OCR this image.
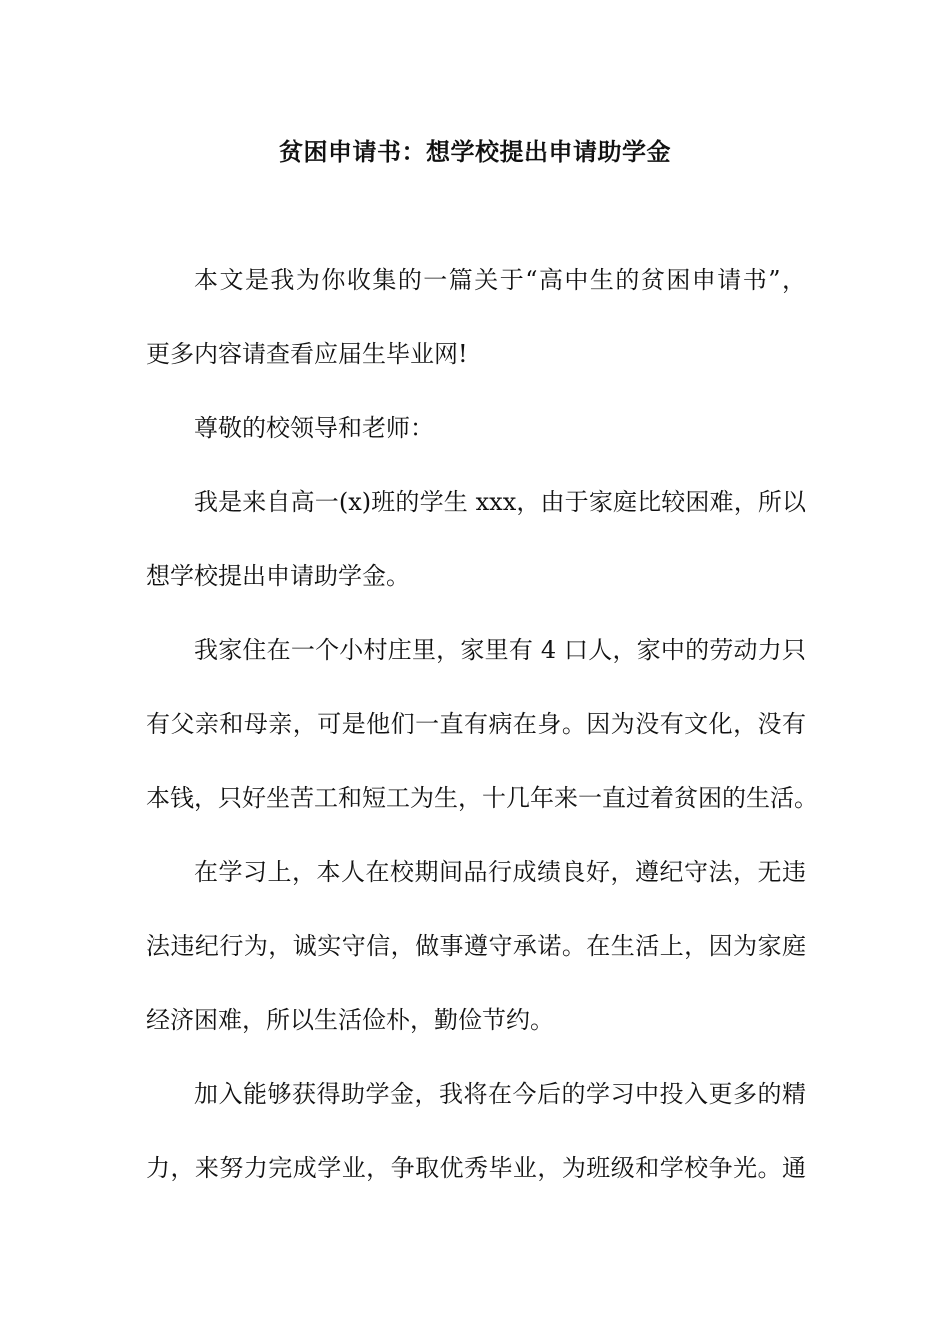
贫困申请书：想学校提出申请助学金
本文是我为你收集的一篇关于“高中生的贫困申请书”，
更多内容请查看应届生毕业网!
尊敬的校领导和老师：
我是来自高一(x)班的学生 xxx，由于家庭比较困难，所以
想学校提出申请助学金。
我家住在一个小村庄里，家里有 4 口人，家中的劳动力只
有父亲和母亲，可是他们一直有病在身。因为没有文化，没有
本钱，只好坐苦工和短工为生，十几年来一直过着贫困的生活。
在学习上，本人在校期间品行成绩良好，遵纪守法，无违
法违纪行为，诚实守信，做事遵守承诺。在生活上，因为家庭
经济困难，所以生活俭朴，勤俭节约。
加入能够获得助学金，我将在今后的学习中投入更多的精
力，来努力完成学业，争取优秀毕业，为班级和学校争光。通
